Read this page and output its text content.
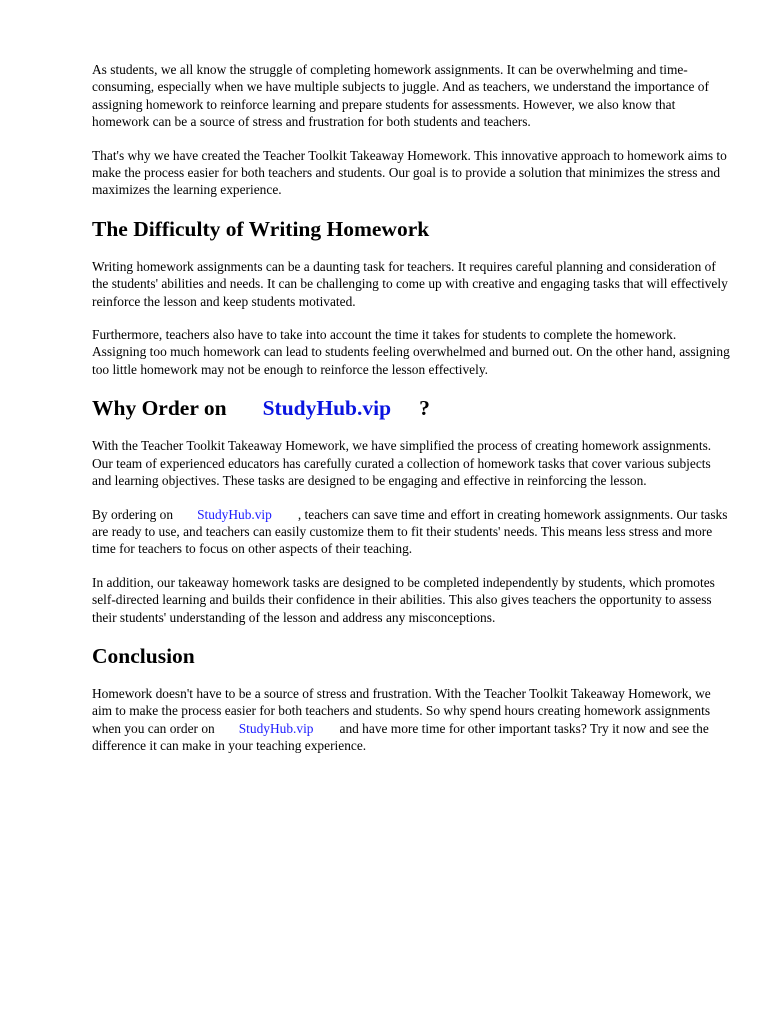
As students, we all know the struggle of completing homework assignments. It can be overwhelming and time-consuming, especially when we have multiple subjects to juggle. And as teachers, we understand the importance of assigning homework to reinforce learning and prepare students for assessments. However, we also know that homework can be a source of stress and frustration for both students and teachers.

That's why we have created the Teacher Toolkit Takeaway Homework. This innovative approach to homework aims to make the process easier for both teachers and students. Our goal is to provide a solution that minimizes the stress and maximizes the learning experience.

The Difficulty of Writing Homework

Writing homework assignments can be a daunting task for teachers. It requires careful planning and consideration of the students' abilities and needs. It can be challenging to come up with creative and engaging tasks that will effectively reinforce the lesson and keep students motivated.

Furthermore, teachers also have to take into account the time it takes for students to complete the homework. Assigning too much homework can lead to students feeling overwhelmed and burned out. On the other hand, assigning too little homework may not be enough to reinforce the lesson effectively.

Why Order on StudyHub.vip ?

With the Teacher Toolkit Takeaway Homework, we have simplified the process of creating homework assignments. Our team of experienced educators has carefully curated a collection of homework tasks that cover various subjects and learning objectives. These tasks are designed to be engaging and effective in reinforcing the lesson.

By ordering on StudyHub.vip , teachers can save time and effort in creating homework assignments. Our tasks are ready to use, and teachers can easily customize them to fit their students' needs. This means less stress and more time for teachers to focus on other aspects of their teaching.

In addition, our takeaway homework tasks are designed to be completed independently by students, which promotes self-directed learning and builds their confidence in their abilities. This also gives teachers the opportunity to assess their students' understanding of the lesson and address any misconceptions.

Conclusion

Homework doesn't have to be a source of stress and frustration. With the Teacher Toolkit Takeaway Homework, we aim to make the process easier for both teachers and students. So why spend hours creating homework assignments when you can order on StudyHub.vip and have more time for other important tasks? Try it now and see the difference it can make in your teaching experience.
